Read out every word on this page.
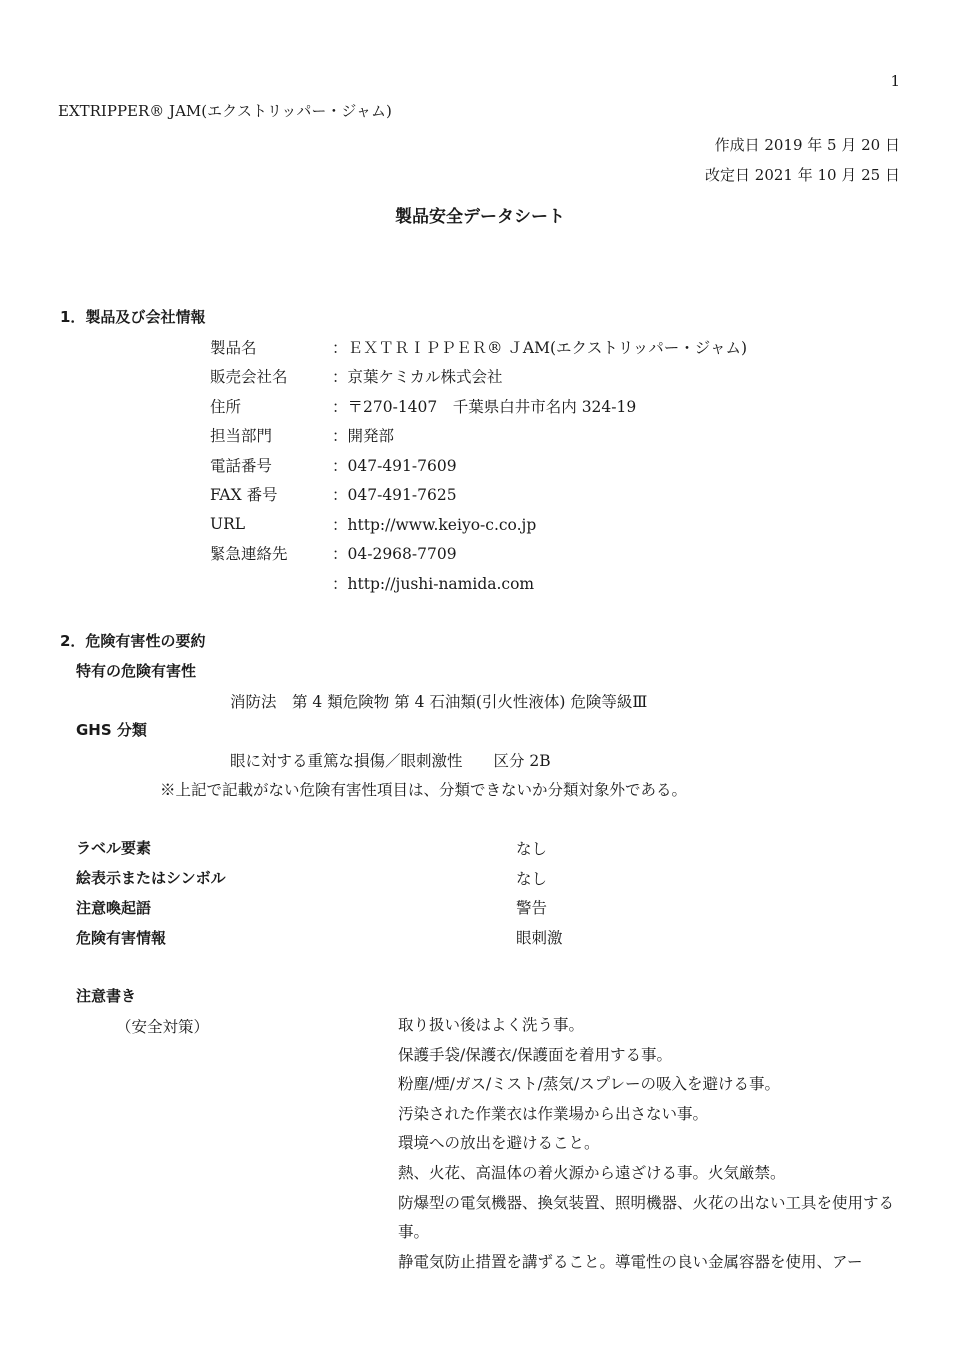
1
EXTRIPPER® JAM(エクストリッパー・ジャム)
作成日 2019 年 5 月 20 日
改定日 2021 年 10 月 25 日
製品安全データシート
1．製品及び会社情報
製品名	：ＥＸＴＲＩＰＰＥＲ® ＪAM(エクストリッパー・ジャム)
販売会社名	：京葉ケミカル株式会社
住所	：〒270-1407　千葉県白井市名内 324-19
担当部門	：開発部
電話番号	：047-491-7609
FAX 番号	：047-491-7625
URL	：http://www.keiyo-c.co.jp
緊急連絡先	：04-2968-7709
：http://jushi-namida.com
2．危険有害性の要約
特有の危険有害性
消防法　第 4 類危険物 第 4 石油類(引火性液体) 危険等級Ⅲ
GHS 分類
眼に対する重篤な損傷／眼刺激性　　区分 2B
※上記で記載がない危険有害性項目は、分類できないか分類対象外である。
ラベル要素	なし
絵表示またはシンボル	なし
注意喚起語	警告
危険有害情報	眼刺激
注意書き
（安全対策）	取り扱い後はよく洗う事。
保護手袋/保護衣/保護面を着用する事。
粉塵/煙/ガス/ミスト/蒸気/スプレーの吸入を避ける事。
汚染された作業衣は作業場から出さない事。
環境への放出を避けること。
熱、火花、高温体の着火源から遠ざける事。火気厳禁。
防爆型の電気機器、換気装置、照明機器、火花の出ない工具を使用する事。
静電気防止措置を講ずること。導電性の良い金属容器を使用、アー
